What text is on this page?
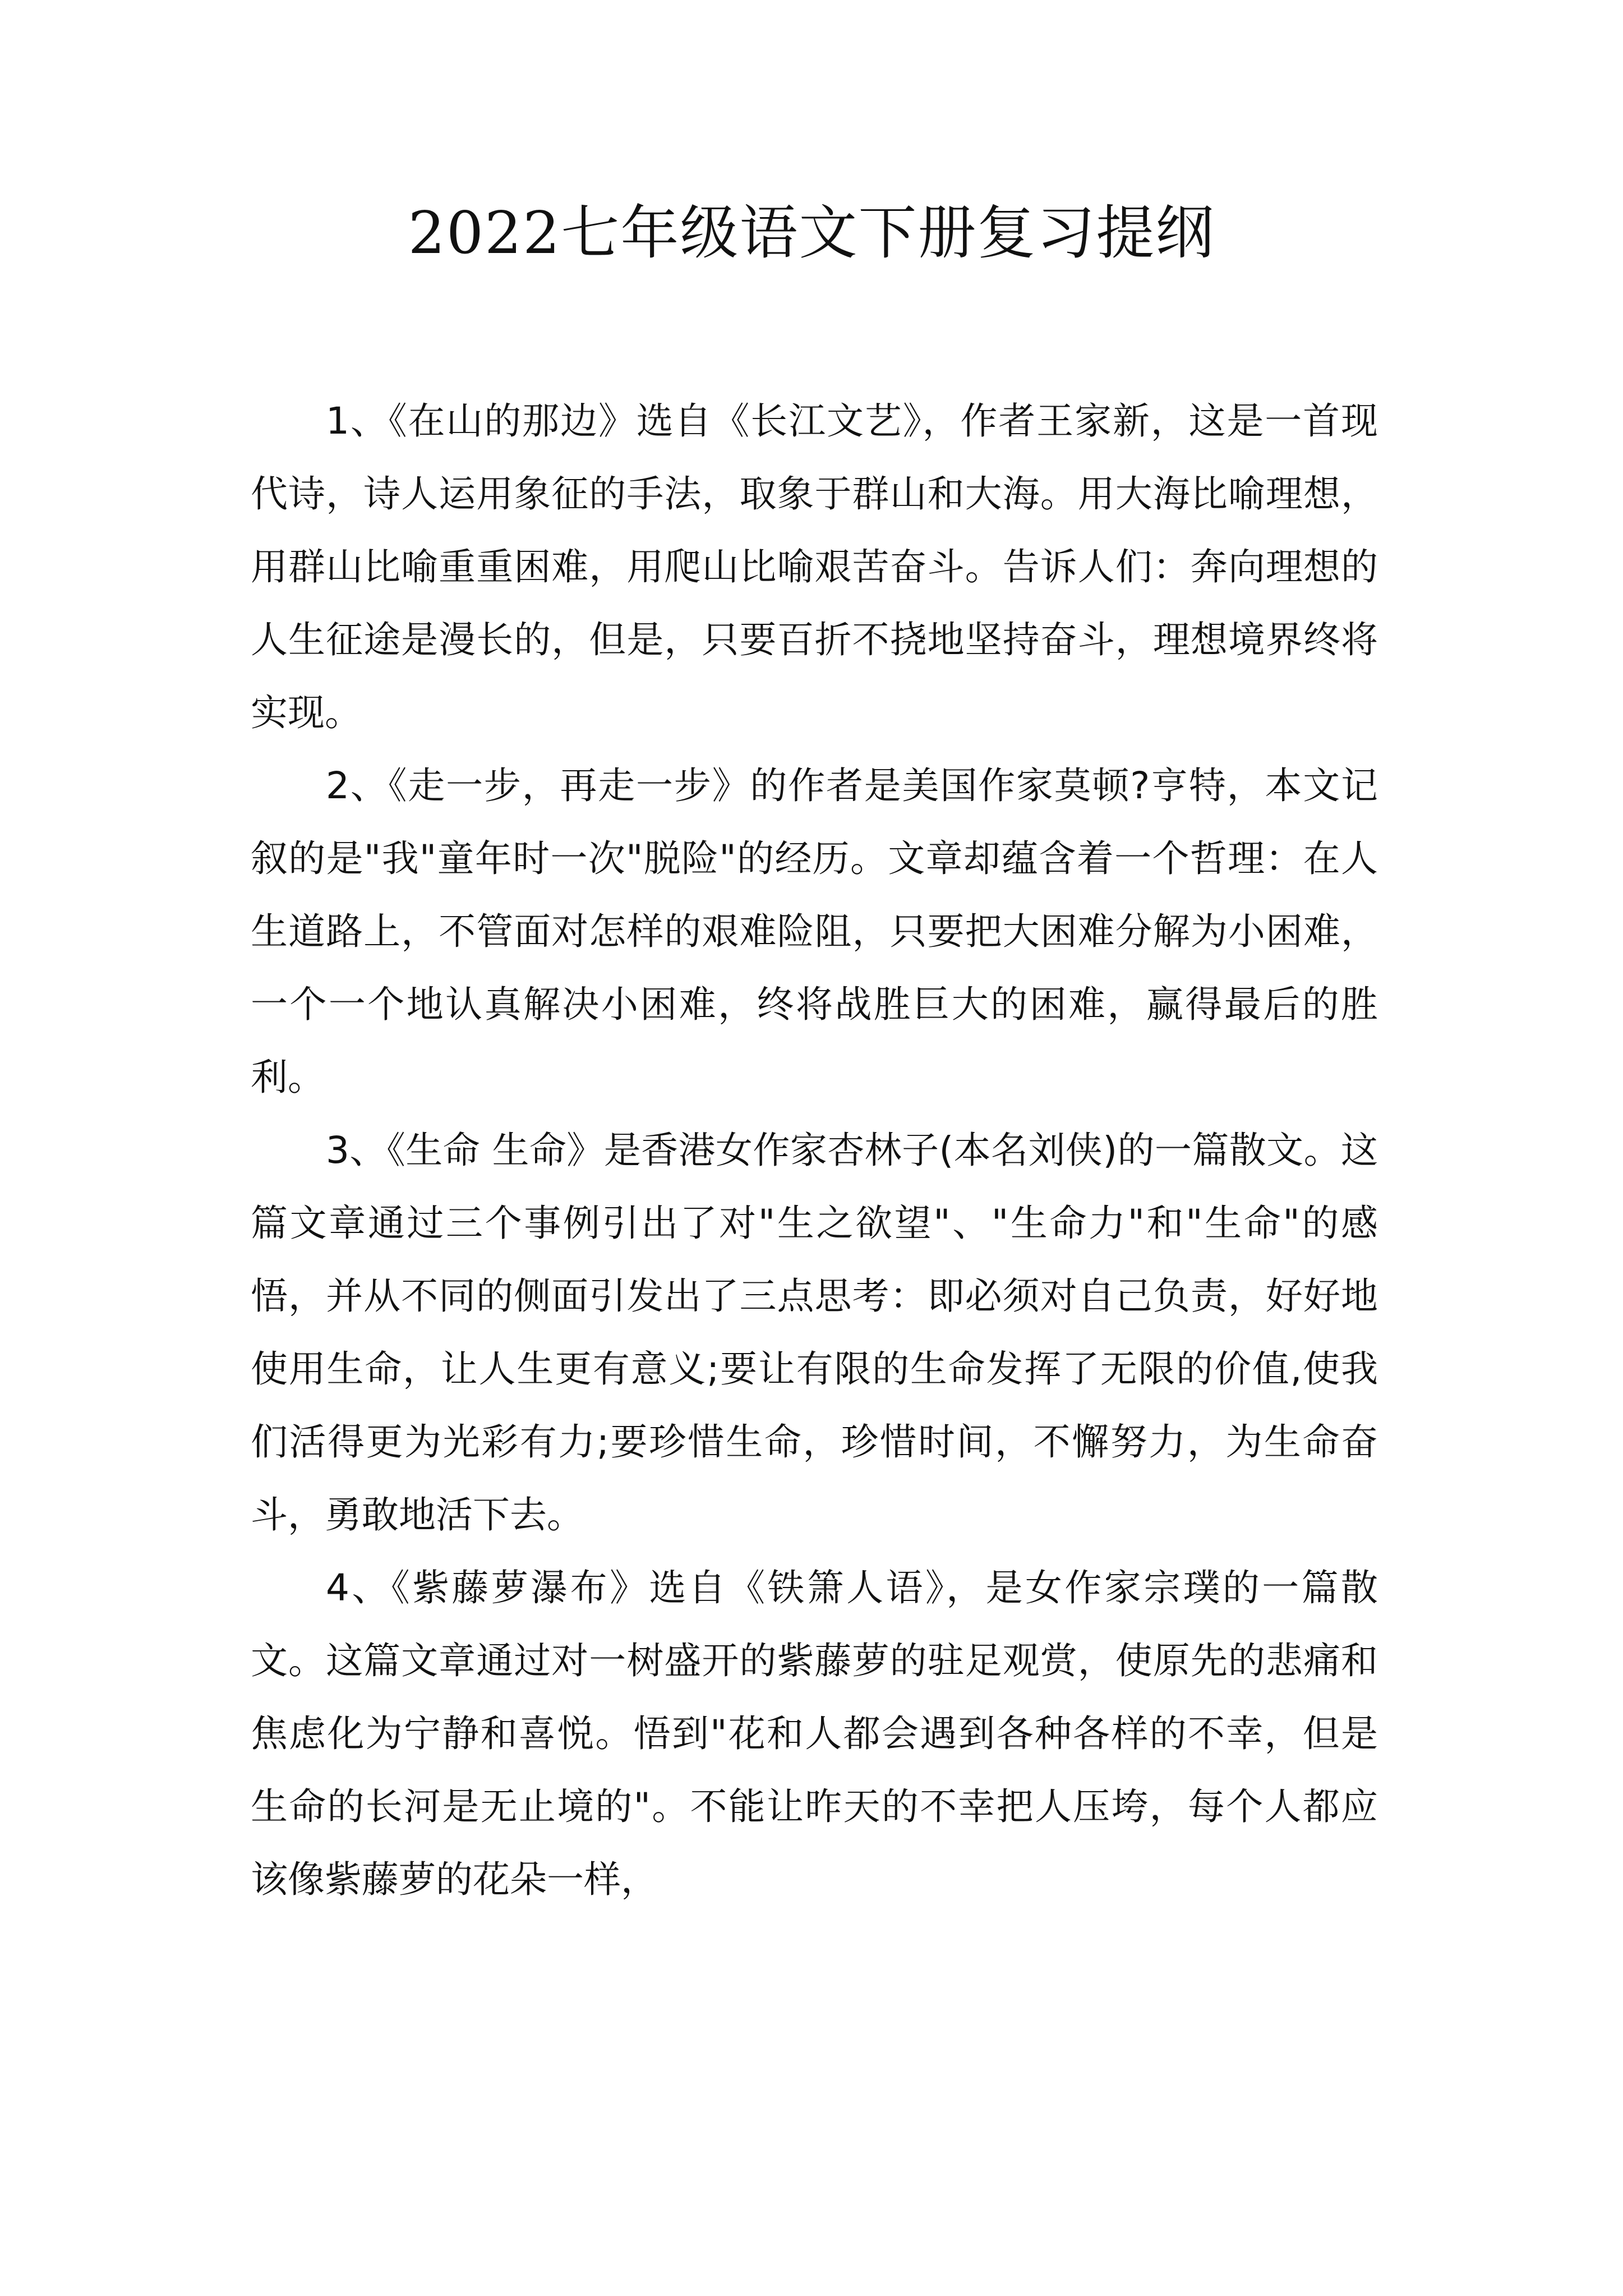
2022七年级语文下册复习提纲

1、《在山的那边》选自《长江文艺》，作者王家新，这是一首现代诗，诗人运用象征的手法，取象于群山和大海。用大海比喻理想，用群山比喻重重困难，用爬山比喻艰苦奋斗。告诉人们：奔向理想的人生征途是漫长的，但是，只要百折不挠地坚持奋斗，理想境界终将实现。

2、《走一步，再走一步》的作者是美国作家莫顿?亨特，本文记叙的是"我"童年时一次"脱险"的经历。文章却蕴含着一个哲理：在人生道路上，不管面对怎样的艰难险阻，只要把大困难分解为小困难，一个一个地认真解决小困难，终将战胜巨大的困难，赢得最后的胜利。

3、《生命 生命》是香港女作家杏林子(本名刘侠)的一篇散文。这篇文章通过三个事例引出了对"生之欲望"、"生命力"和"生命"的感悟，并从不同的侧面引发出了三点思考：即必须对自己负责，好好地使用生命，让人生更有意义;要让有限的生命发挥了无限的价值,使我们活得更为光彩有力;要珍惜生命，珍惜时间，不懈努力，为生命奋斗，勇敢地活下去。

4、《紫藤萝瀑布》选自《铁箫人语》，是女作家宗璞的一篇散文。这篇文章通过对一树盛开的紫藤萝的驻足观赏，使原先的悲痛和焦虑化为宁静和喜悦。悟到"花和人都会遇到各种各样的不幸，但是生命的长河是无止境的"。不能让昨天的不幸把人压垮，每个人都应该像紫藤萝的花朵一样，
